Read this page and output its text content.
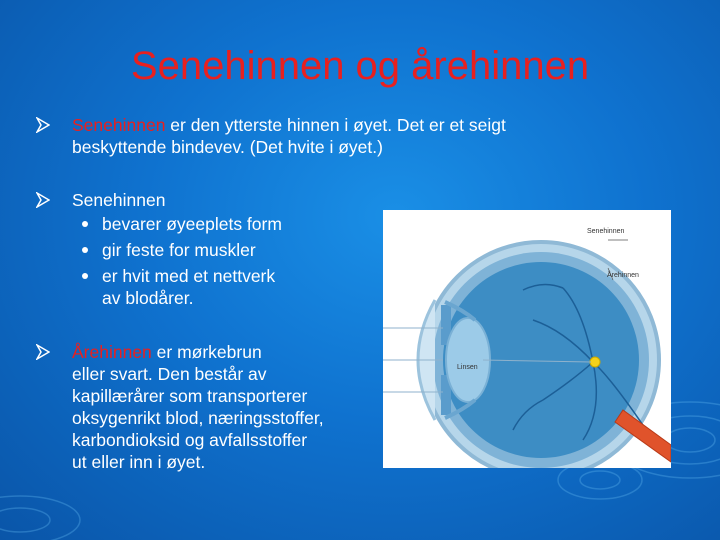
Senehinnen og årehinnen
Senehinnen er den ytterste hinnen i øyet. Det er et seigt
beskyttende bindevev. (Det hvite i øyet.)
Senehinnen
bevarer øyeeplets form
gir feste for muskler
er hvit med et nettverk
av blodårer.
Årehinnen er mørkebrun
eller svart. Den består av
kapillærårer som transporterer
oksygenrikt blod, næringsstoffer,
karbondioksid og avfallsstoffer
ut eller inn i øyet.
Senehinnen
Årehinnen
Linsen
